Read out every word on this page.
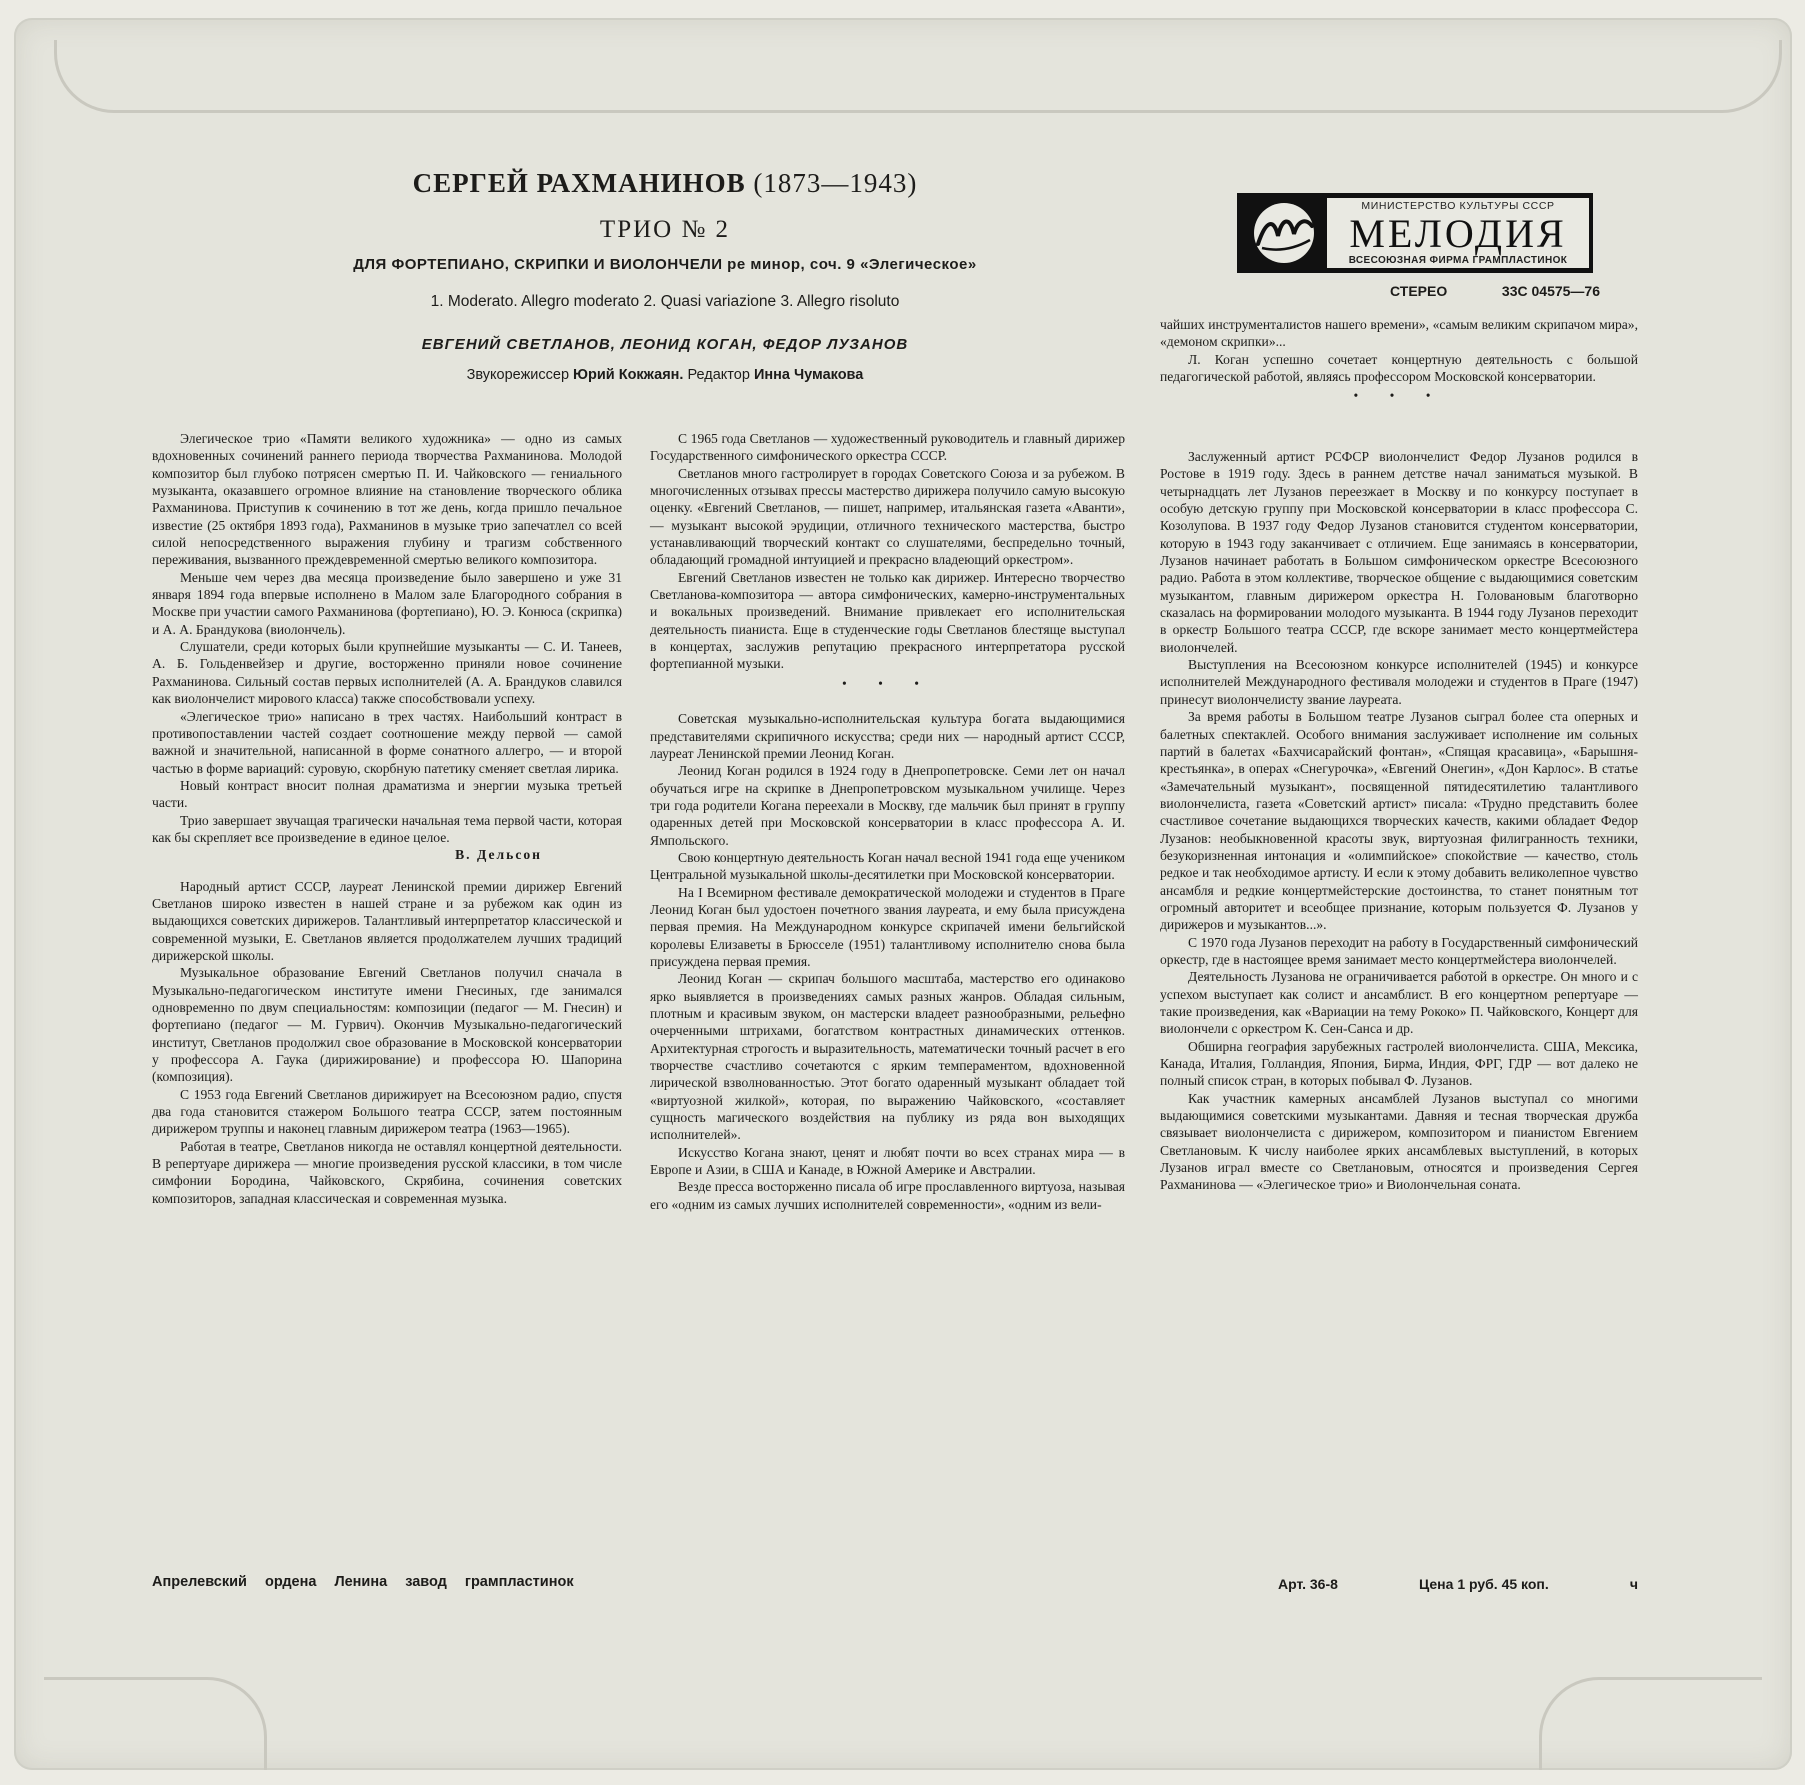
СЕРГЕЙ РАХМАНИНОВ (1873—1943)
ТРИО № 2
ДЛЯ ФОРТЕПИАНО, СКРИПКИ И ВИОЛОНЧЕЛИ ре минор, соч. 9 «Элегическое»
1. Moderato. Allegro moderato 2. Quasi variazione 3. Allegro risoluto
ЕВГЕНИЙ СВЕТЛАНОВ, ЛЕОНИД КОГАН, ФЕДОР ЛУЗАНОВ
Звукорежиссер Юрий Кокжаян. Редактор Инна Чумакова
МИНИСТЕРСТВО КУЛЬТУРЫ СССР
МЕЛОДИЯ
ВСЕСОЮЗНАЯ ФИРМА ГРАМПЛАСТИНОК
СТЕРЕО	33С 04575—76

Элегическое трио «Памяти великого художника» — одно из самых вдохновенных сочинений раннего периода творчества Рахманинова. Молодой композитор был глубоко потрясен смертью П. И. Чайковского — гениального музыканта, оказавшего огромное влияние на становление творческого облика Рахманинова. Приступив к сочинению в тот же день, когда пришло печальное известие (25 октября 1893 года), Рахманинов в музыке трио запечатлел со всей силой непосредственного выражения глубину и трагизм собственного переживания, вызванного преждевременной смертью великого композитора.

Меньше чем через два месяца произведение было завершено и уже 31 января 1894 года впервые исполнено в Малом зале Благородного собрания в Москве при участии самого Рахманинова (фортепиано), Ю. Э. Конюса (скрипка) и А. А. Брандукова (виолончель).

Слушатели, среди которых были крупнейшие музыканты — С. И. Танеев, А. Б. Гольденвейзер и другие, восторженно приняли новое сочинение Рахманинова. Сильный состав первых исполнителей (А. А. Брандуков славился как виолончелист мирового класса) также способствовали успеху.

«Элегическое трио» написано в трех частях. Наибольший контраст в противопоставлении частей создает соотношение между первой — самой важной и значительной, написанной в форме сонатного аллегро, — и второй частью в форме вариаций: суровую, скорбную патетику сменяет светлая лирика.

Новый контраст вносит полная драматизма и энергии музыка третьей части.

Трио завершает звучащая трагически начальная тема первой части, которая как бы скрепляет все произведение в единое целое.

В. Дельсон

Народный артист СССР, лауреат Ленинской премии дирижер Евгений Светланов широко известен в нашей стране и за рубежом как один из выдающихся советских дирижеров. Талантливый интерпретатор классической и современной музыки, Е. Светланов является продолжателем лучших традиций дирижерской школы.

Музыкальное образование Евгений Светланов получил сначала в Музыкально-педагогическом институте имени Гнесиных, где занимался одновременно по двум специальностям: композиции (педагог — М. Гнесин) и фортепиано (педагог — М. Гурвич). Окончив Музыкально-педагогический институт, Светланов продолжил свое образование в Московской консерватории у профессора А. Гаука (дирижирование) и профессора Ю. Шапорина (композиция).

С 1953 года Евгений Светланов дирижирует на Всесоюзном радио, спустя два года становится стажером Большого театра СССР, затем постоянным дирижером труппы и наконец главным дирижером театра (1963—1965).

Работая в театре, Светланов никогда не оставлял концертной деятельности. В репертуаре дирижера — многие произведения русской классики, в том числе симфонии Бородина, Чайковского, Скрябина, сочинения советских композиторов, западная классическая и современная музыка.

С 1965 года Светланов — художественный руководитель и главный дирижер Государственного симфонического оркестра СССР.

Светланов много гастролирует в городах Советского Союза и за рубежом. В многочисленных отзывах прессы мастерство дирижера получило самую высокую оценку. «Евгений Светланов, — пишет, например, итальянская газета «Аванти», — музыкант высокой эрудиции, отличного технического мастерства, быстро устанавливающий творческий контакт со слушателями, беспредельно точный, обладающий громадной интуицией и прекрасно владеющий оркестром».

Евгений Светланов известен не только как дирижер. Интересно творчество Светланова-композитора — автора симфонических, камерно-инструментальных и вокальных произведений. Внимание привлекает его исполнительская деятельность пианиста. Еще в студенческие годы Светланов блестяще выступал в концертах, заслужив репутацию прекрасного интерпретатора русской фортепианной музыки.

• • •

Советская музыкально-исполнительская культура богата выдающимися представителями скрипичного искусства; среди них — народный артист СССР, лауреат Ленинской премии Леонид Коган.

Леонид Коган родился в 1924 году в Днепропетровске. Семи лет он начал обучаться игре на скрипке в Днепропетровском музыкальном училище. Через три года родители Когана переехали в Москву, где мальчик был принят в группу одаренных детей при Московской консерватории в класс профессора А. И. Ямпольского.

Свою концертную деятельность Коган начал весной 1941 года еще учеником Центральной музыкальной школы-десятилетки при Московской консерватории.

На I Всемирном фестивале демократической молодежи и студентов в Праге Леонид Коган был удостоен почетного звания лауреата, и ему была присуждена первая премия. На Международном конкурсе скрипачей имени бельгийской королевы Елизаветы в Брюсселе (1951) талантливому исполнителю снова была присуждена первая премия.

Леонид Коган — скрипач большого масштаба, мастерство его одинаково ярко выявляется в произведениях самых разных жанров. Обладая сильным, плотным и красивым звуком, он мастерски владеет разнообразными, рельефно очерченными штрихами, богатством контрастных динамических оттенков. Архитектурная строгость и выразительность, математически точный расчет в его творчестве счастливо сочетаются с ярким темпераментом, вдохновенной лирической взволнованностью. Этот богато одаренный музыкант обладает той «виртуозной жилкой», которая, по выражению Чайковского, «составляет сущность магического воздействия на публику из ряда вон выходящих исполнителей».

Искусство Когана знают, ценят и любят почти во всех странах мира — в Европе и Азии, в США и Канаде, в Южной Америке и Австралии.

Везде пресса восторженно писала об игре прославленного виртуоза, называя его «одним из самых лучших исполнителей современности», «одним из вели-

чайших инструменталистов нашего времени», «самым великим скрипачом мира», «демоном скрипки»...

Л. Коган успешно сочетает концертную деятельность с большой педагогической работой, являясь профессором Московской консерватории.

• • •

Заслуженный артист РСФСР виолончелист Федор Лузанов родился в Ростове в 1919 году. Здесь в раннем детстве начал заниматься музыкой. В четырнадцать лет Лузанов переезжает в Москву и по конкурсу поступает в особую детскую группу при Московской консерватории в класс профессора С. Козолупова. В 1937 году Федор Лузанов становится студентом консерватории, которую в 1943 году заканчивает с отличием. Еще занимаясь в консерватории, Лузанов начинает работать в Большом симфоническом оркестре Всесоюзного радио. Работа в этом коллективе, творческое общение с выдающимися советским музыкантом, главным дирижером оркестра Н. Головановым благотворно сказалась на формировании молодого музыканта. В 1944 году Лузанов переходит в оркестр Большого театра СССР, где вскоре занимает место концертмейстера виолончелей.

Выступления на Всесоюзном конкурсе исполнителей (1945) и конкурсе исполнителей Международного фестиваля молодежи и студентов в Праге (1947) принесут виолончелисту звание лауреата.

За время работы в Большом театре Лузанов сыграл более ста оперных и балетных спектаклей. Особого внимания заслуживает исполнение им сольных партий в балетах «Бахчисарайский фонтан», «Спящая красавица», «Барышня-крестьянка», в операх «Снегурочка», «Евгений Онегин», «Дон Карлос». В статье «Замечательный музыкант», посвященной пятидесятилетию талантливого виолончелиста, газета «Советский артист» писала: «Трудно представить более счастливое сочетание выдающихся творческих качеств, какими обладает Федор Лузанов: необыкновенной красоты звук, виртуозная филигранность техники, безукоризненная интонация и «олимпийское» спокойствие — качество, столь редкое и так необходимое артисту. И если к этому добавить великолепное чувство ансамбля и редкие концертмейстерские достоинства, то станет понятным тот огромный авторитет и всеобщее признание, которым пользуется Ф. Лузанов у дирижеров и музыкантов...».

С 1970 года Лузанов переходит на работу в Государственный симфонический оркестр, где в настоящее время занимает место концертмейстера виолончелей.

Деятельность Лузанова не ограничивается работой в оркестре. Он много и с успехом выступает как солист и ансамблист. В его концертном репертуаре — такие произведения, как «Вариации на тему Рококо» П. Чайковского, Концерт для виолончели с оркестром К. Сен-Санса и др.

Обширна география зарубежных гастролей виолончелиста. США, Мексика, Канада, Италия, Голландия, Япония, Бирма, Индия, ФРГ, ГДР — вот далеко не полный список стран, в которых побывал Ф. Лузанов.

Как участник камерных ансамблей Лузанов выступал со многими выдающимися советскими музыкантами. Давняя и тесная творческая дружба связывает виолончелиста с дирижером, композитором и пианистом Евгением Светлановым. К числу наиболее ярких ансамблевых выступлений, в которых Лузанов играл вместе со Светлановым, относятся и произведения Сергея Рахманинова — «Элегическое трио» и Виолончельная соната.

Апрелевский ордена Ленина завод грампластинок	Арт. 36-8	Цена 1 руб. 45 коп.	ч
